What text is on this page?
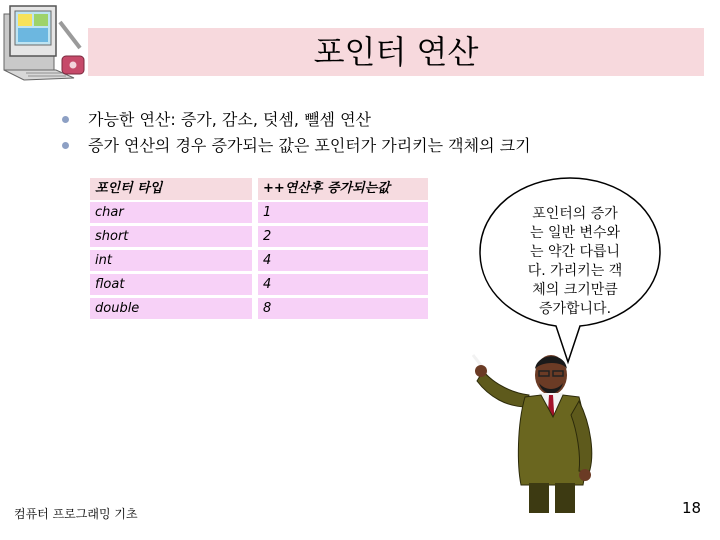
포인터 연산
가능한 연산: 증가, 감소, 덧셈, 뺄셈 연산
증가 연산의 경우 증가되는 값은 포인터가 가리키는 객체의 크기
포인터 타입	++연산후 증가되는값
char	1
short	2
int	4
float	4
double	8
포인터의 증가
는 일반 변수와
는 약간 다릅니
다. 가리키는 객
체의 크기만큼
증가합니다.
컴퓨터 프로그래밍 기초	18
